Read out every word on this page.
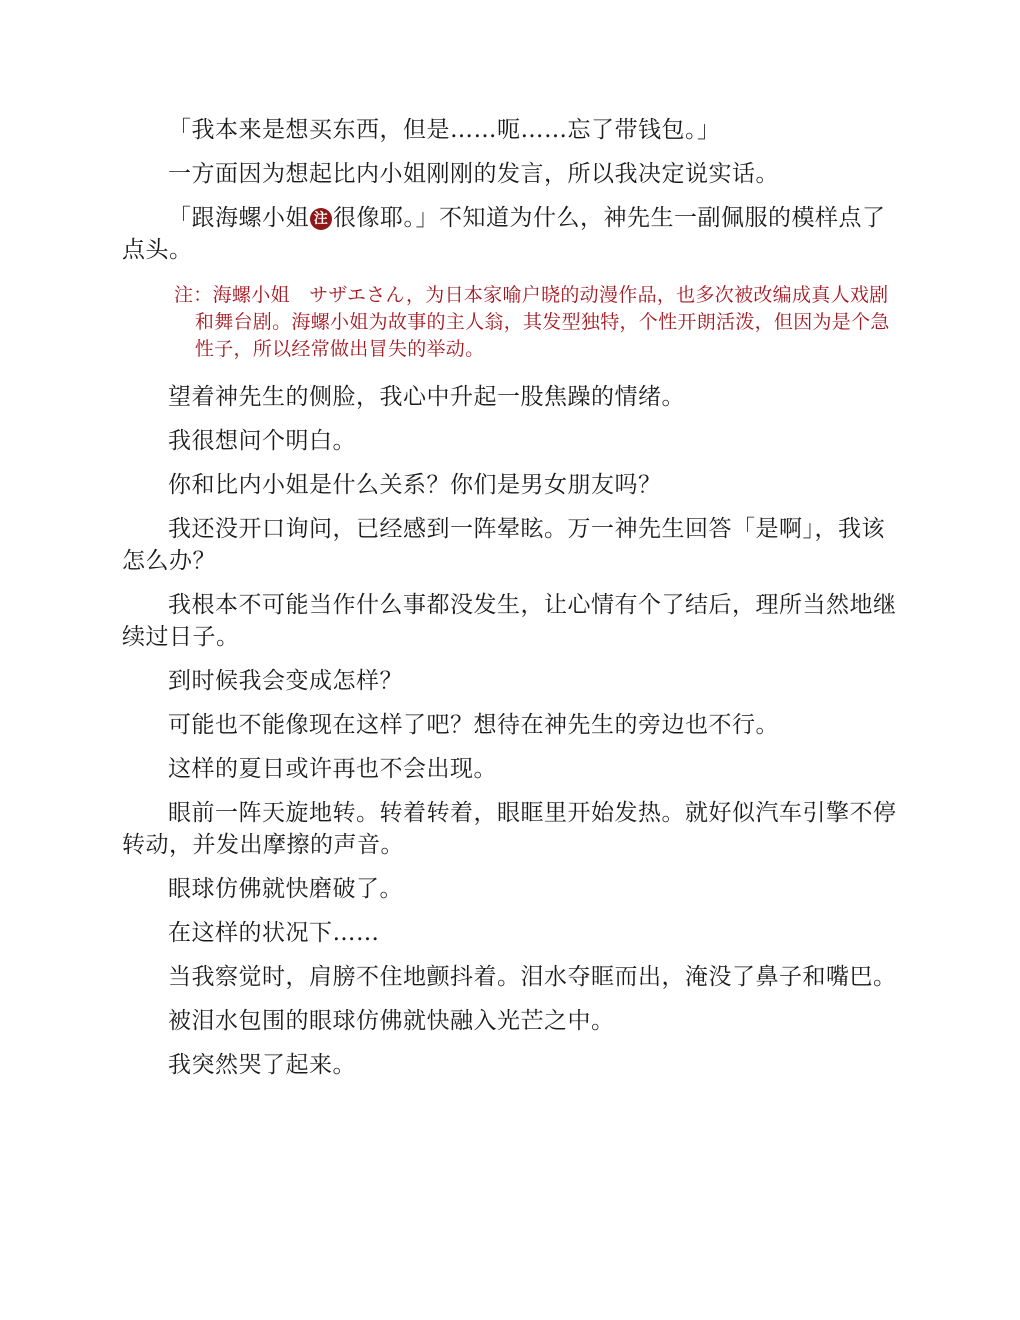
「我本来是想买东西，但是……呃……忘了带钱包。」

一方面因为想起比内小姐刚刚的发言，所以我决定说实话。

「跟海螺小姐 注 很像耶。」不知道为什么，神先生一副佩服的模样点了点头。

注：海螺小姐　サザエさん，为日本家喻户晓的动漫作品，也多次被改编成真人戏剧和舞台剧。海螺小姐为故事的主人翁，其发型独特，个性开朗活泼，但因为是个急性子，所以经常做出冒失的举动。

望着神先生的侧脸，我心中升起一股焦躁的情绪。

我很想问个明白。

你和比内小姐是什么关系？你们是男女朋友吗？

我还没开口询问，已经感到一阵晕眩。万一神先生回答「是啊」，我该怎么办？

我根本不可能当作什么事都没发生，让心情有个了结后，理所当然地继续过日子。

到时候我会变成怎样？

可能也不能像现在这样了吧？想待在神先生的旁边也不行。

这样的夏日或许再也不会出现。

眼前一阵天旋地转。转着转着，眼眶里开始发热。就好似汽车引擎不停转动，并发出摩擦的声音。

眼球仿佛就快磨破了。

在这样的状况下……

当我察觉时，肩膀不住地颤抖着。泪水夺眶而出，淹没了鼻子和嘴巴。

被泪水包围的眼球仿佛就快融入光芒之中。

我突然哭了起来。
